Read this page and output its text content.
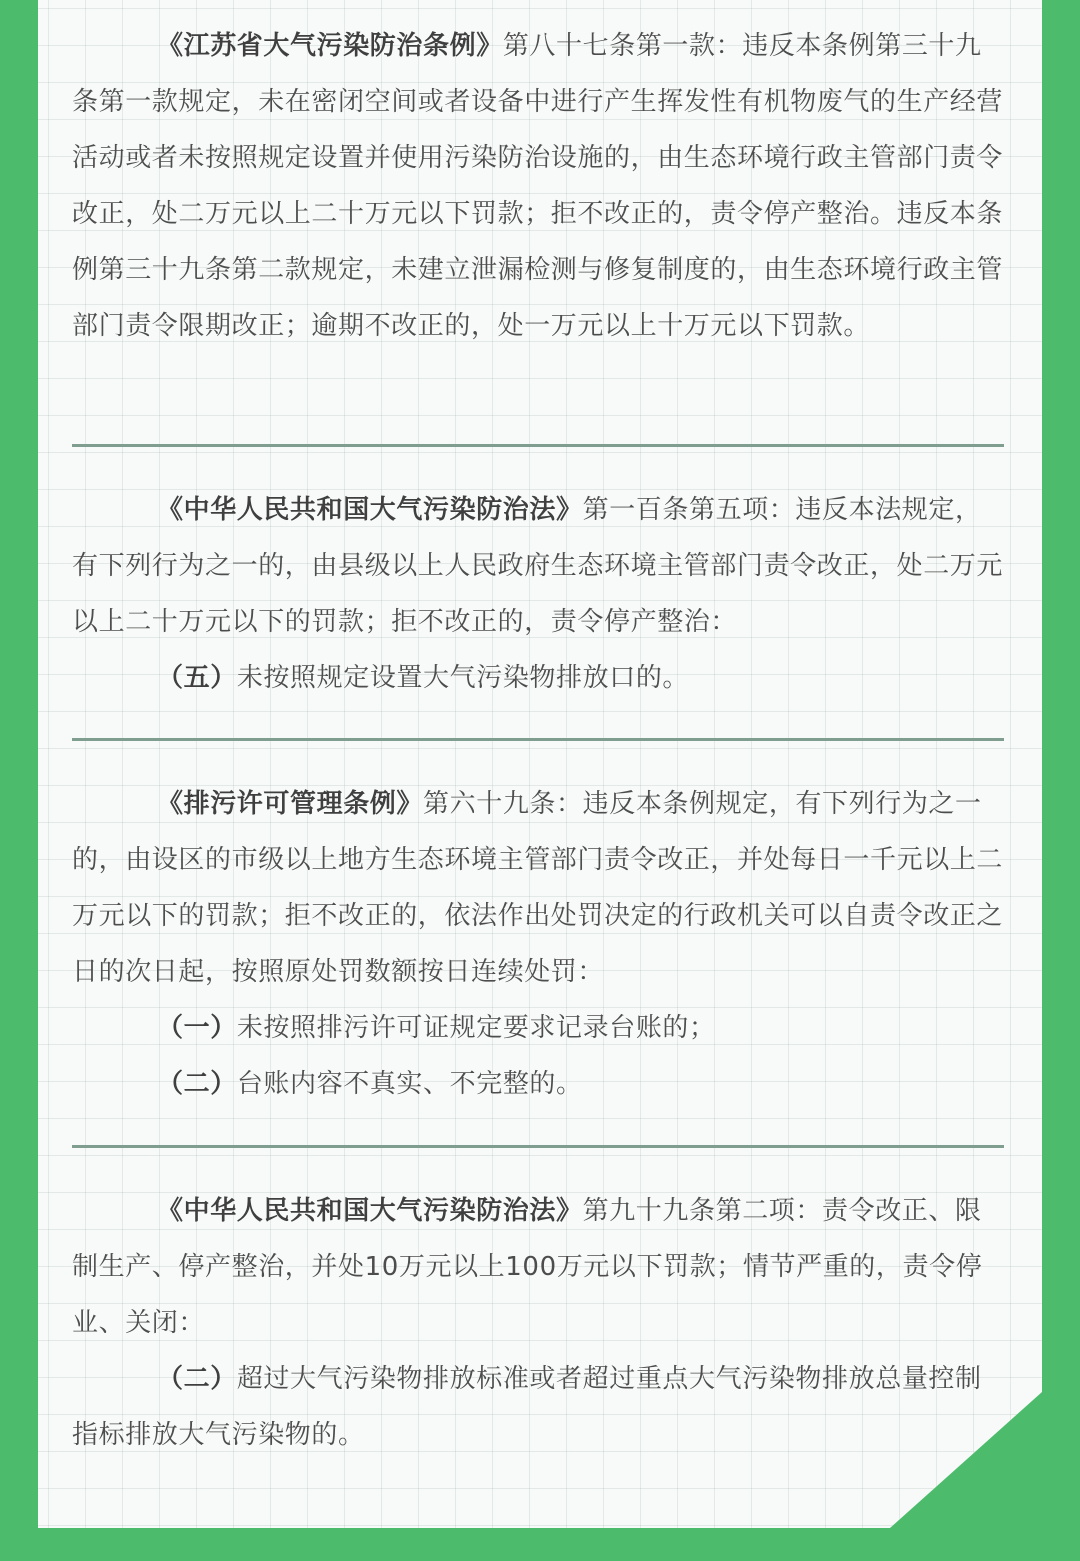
《江苏省大气污染防治条例》第八十七条第一款：违反本条例第三十九条第一款规定，未在密闭空间或者设备中进行产生挥发性有机物废气的生产经营活动或者未按照规定设置并使用污染防治设施的，由生态环境行政主管部门责令改正，处二万元以上二十万元以下罚款；拒不改正的，责令停产整治。违反本条例第三十九条第二款规定，未建立泄漏检测与修复制度的，由生态环境行政主管部门责令限期改正；逾期不改正的，处一万元以上十万元以下罚款。

《中华人民共和国大气污染防治法》第一百条第五项：违反本法规定，有下列行为之一的，由县级以上人民政府生态环境主管部门责令改正，处二万元以上二十万元以下的罚款；拒不改正的，责令停产整治：

（五）未按照规定设置大气污染物排放口的。

《排污许可管理条例》第六十九条：违反本条例规定，有下列行为之一的，由设区的市级以上地方生态环境主管部门责令改正，并处每日一千元以上二万元以下的罚款；拒不改正的，依法作出处罚决定的行政机关可以自责令改正之日的次日起，按照原处罚数额按日连续处罚：

（一）未按照排污许可证规定要求记录台账的；

（二）台账内容不真实、不完整的。

《中华人民共和国大气污染防治法》第九十九条第二项：责令改正、限制生产、停产整治，并处10万元以上100万元以下罚款；情节严重的，责令停业、关闭：

（二）超过大气污染物排放标准或者超过重点大气污染物排放总量控制指标排放大气污染物的。
